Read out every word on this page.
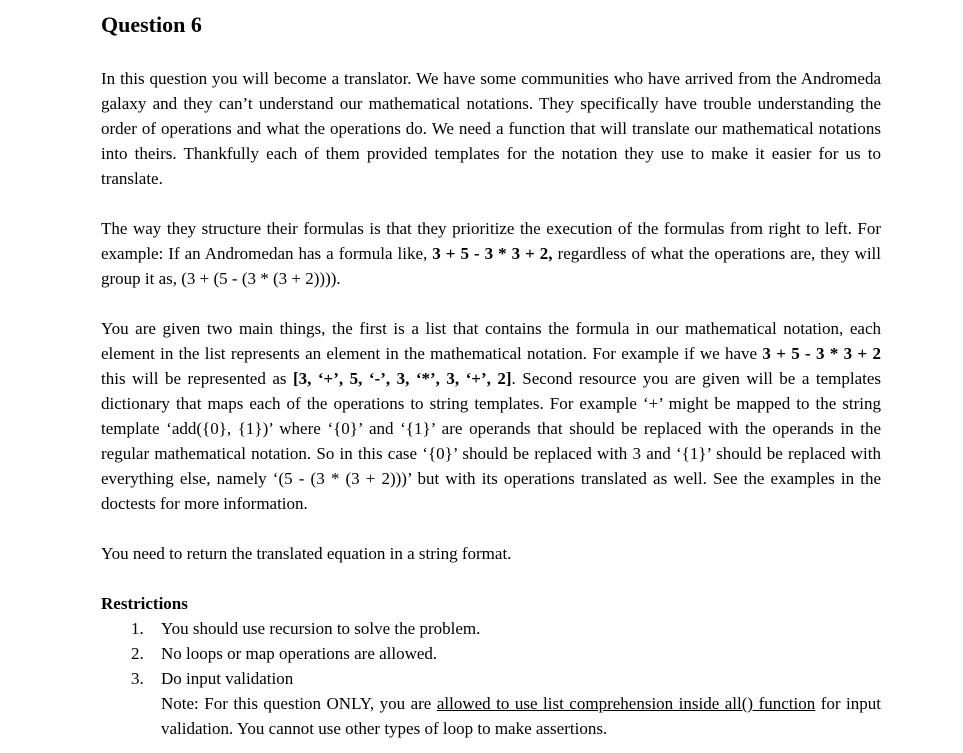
Question 6

In this question you will become a translator. We have some communities who have arrived from the Andromeda galaxy and they can’t understand our mathematical notations. They specifically have trouble understanding the order of operations and what the operations do. We need a function that will translate our mathematical notations into theirs. Thankfully each of them provided templates for the notation they use to make it easier for us to translate.

The way they structure their formulas is that they prioritize the execution of the formulas from right to left. For example: If an Andromedan has a formula like, 3 + 5 - 3 * 3 + 2, regardless of what the operations are, they will group it as, (3 + (5 - (3 * (3 + 2)))).

You are given two main things, the first is a list that contains the formula in our mathematical notation, each element in the list represents an element in the mathematical notation. For example if we have 3 + 5 - 3 * 3 + 2 this will be represented as [3, ‘+’, 5, ‘-’, 3, ‘*’, 3, ‘+’, 2]. Second resource you are given will be a templates dictionary that maps each of the operations to string templates. For example ‘+’ might be mapped to the string template ‘add({0}, {1})’ where ‘{0}’ and ‘{1}’ are operands that should be replaced with the operands in the regular mathematical notation. So in this case ‘{0}’ should be replaced with 3 and ‘{1}’ should be replaced with everything else, namely ‘(5 - (3 * (3 + 2)))’ but with its operations translated as well. See the examples in the doctests for more information.

You need to return the translated equation in a string format.

Restrictions
1. You should use recursion to solve the problem.
2. No loops or map operations are allowed.
3. Do input validation
Note: For this question ONLY, you are allowed to use list comprehension inside all() function for input validation. You cannot use other types of loop to make assertions.
